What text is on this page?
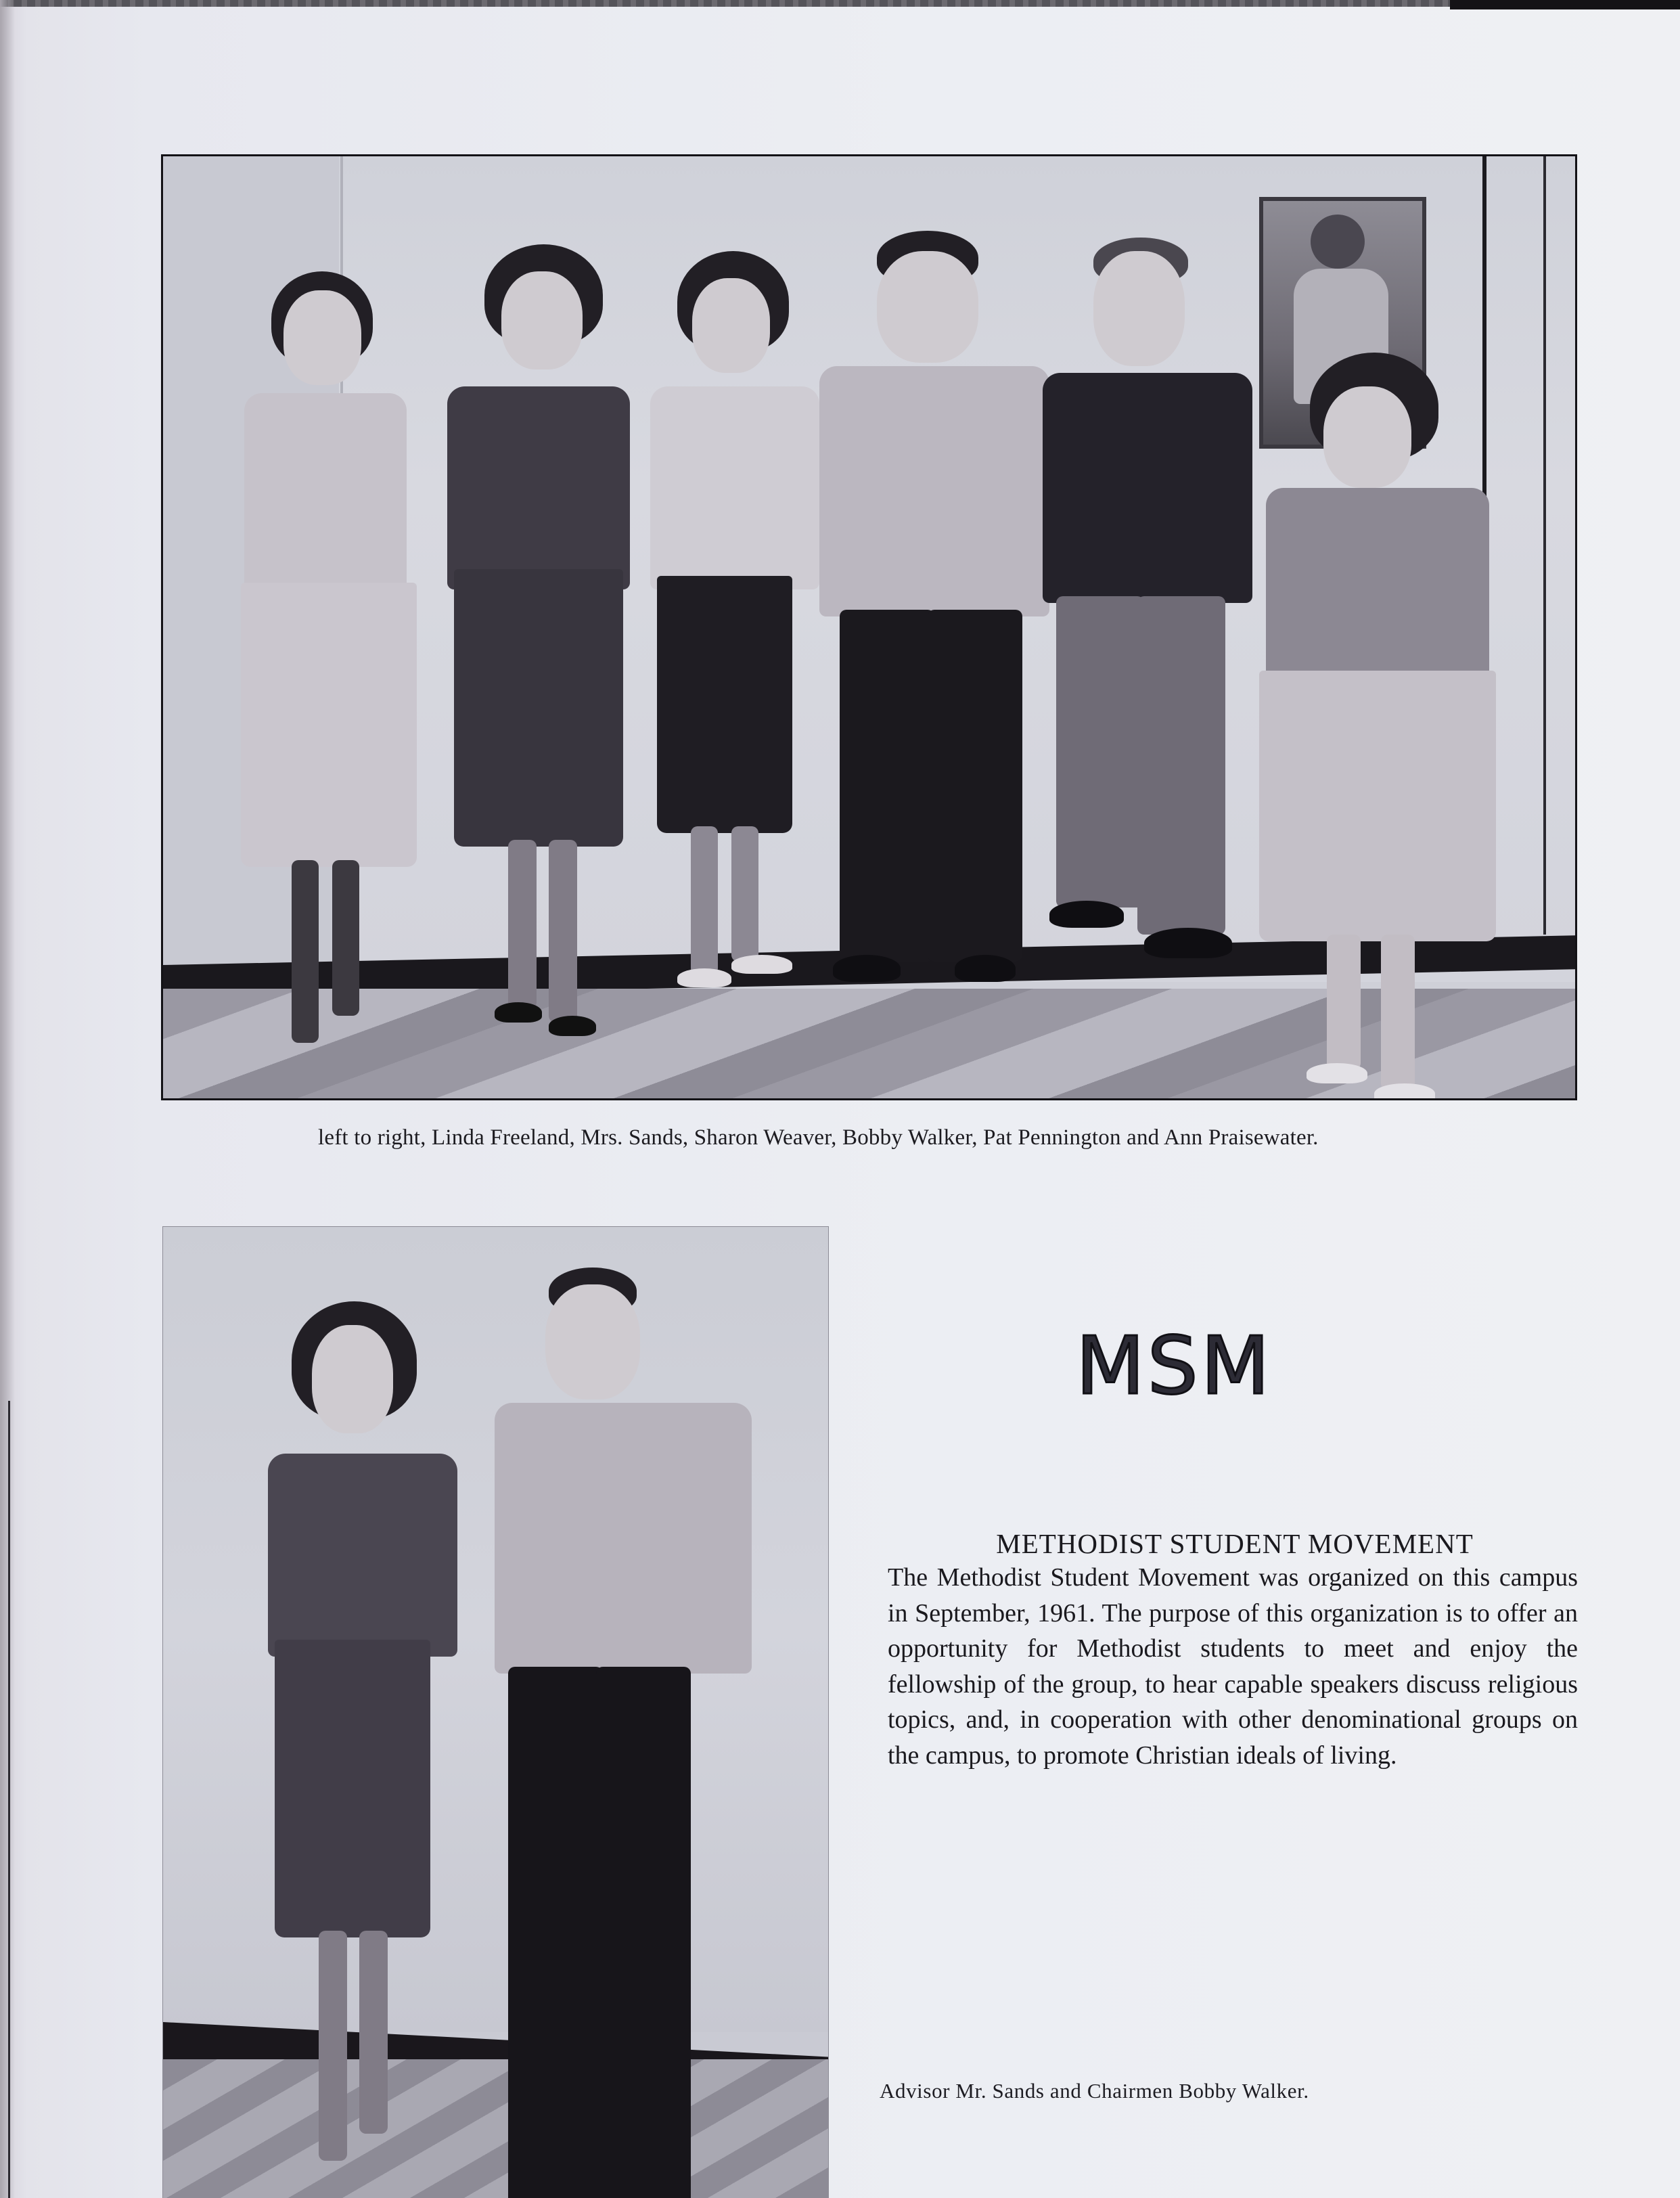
left to right, Linda Freeland, Mrs. Sands, Sharon Weaver, Bobby Walker, Pat Pennington and Ann Praisewater.
MSM
METHODIST STUDENT MOVEMENT
The Methodist Student Movement was organized on this campus in September, 1961. The purpose of this organization is to offer an opportunity for Methodist students to meet and enjoy the fellowship of the group, to hear capable speakers discuss religious topics, and, in cooperation with other denominational groups on the campus, to promote Christian ideals of living.
Advisor Mr. Sands and Chairmen Bobby Walker.
